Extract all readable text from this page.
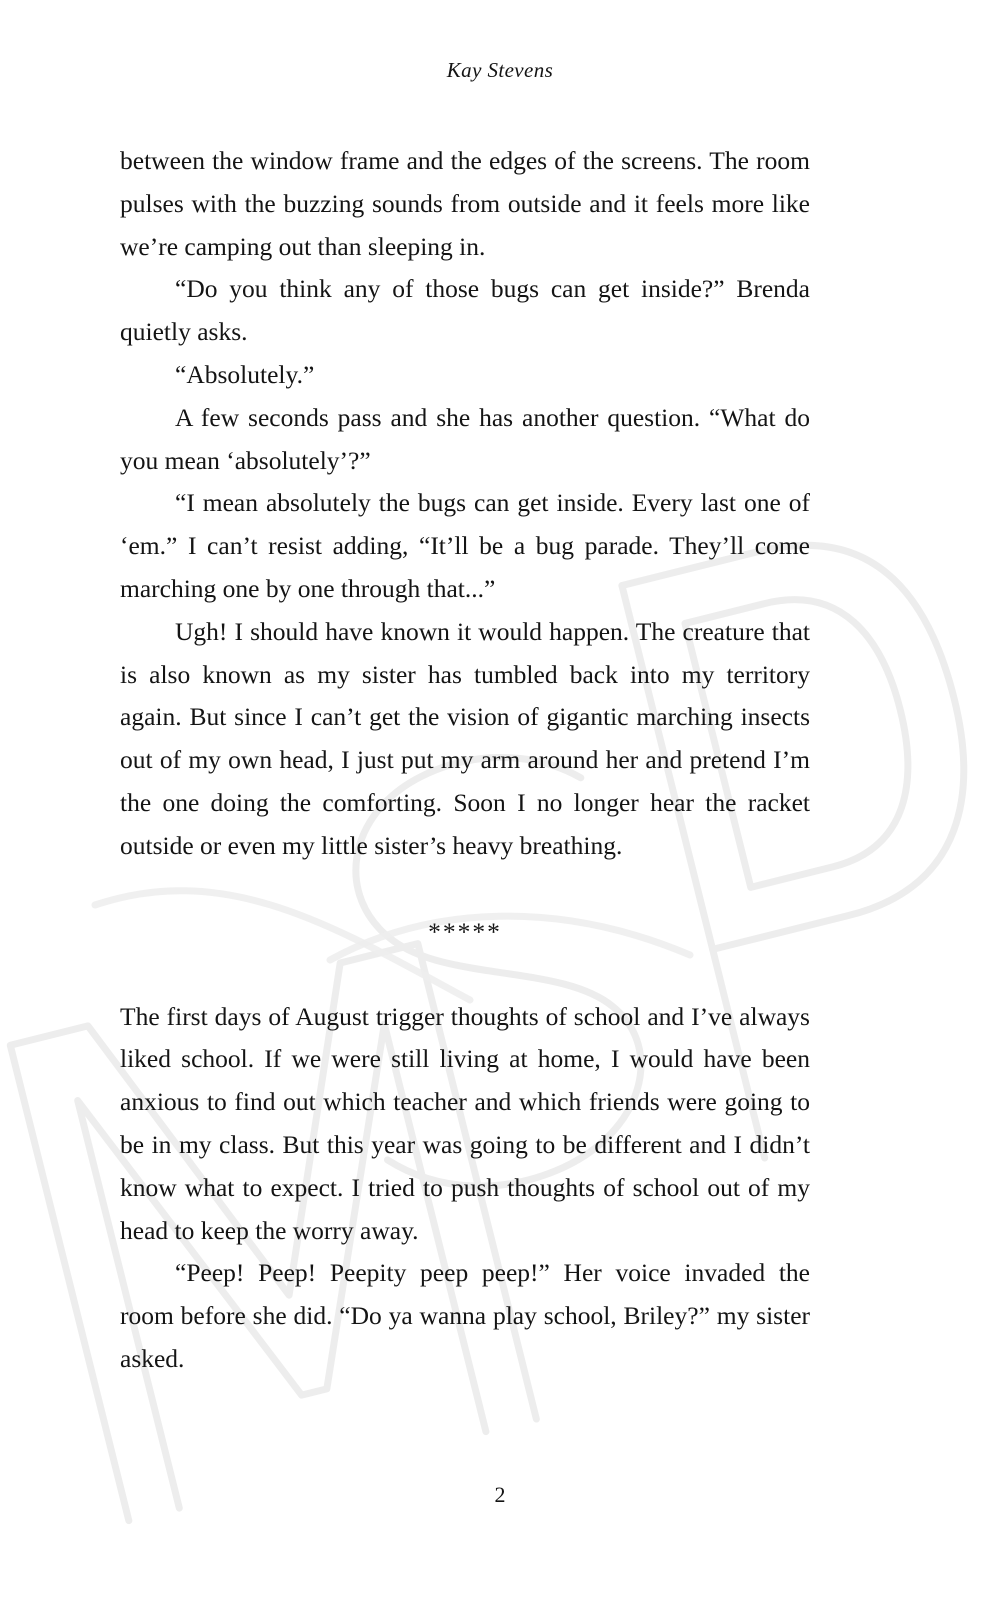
Kay Stevens

between the window frame and the edges of the screens. The room pulses with the buzzing sounds from outside and it feels more like we’re camping out than sleeping in.

“Do you think any of those bugs can get inside?” Brenda quietly asks.

“Absolutely.”

A few seconds pass and she has another question. “What do you mean ‘absolutely’?”

“I mean absolutely the bugs can get inside. Every last one of ‘em.” I can’t resist adding, “It’ll be a bug parade. They’ll come marching one by one through that...”

Ugh! I should have known it would happen. The creature that is also known as my sister has tumbled back into my territory again. But since I can’t get the vision of gigantic marching insects out of my own head, I just put my arm around her and pretend I’m the one doing the comforting. Soon I no longer hear the racket outside or even my little sister’s heavy breathing.

*****

The first days of August trigger thoughts of school and I’ve always liked school. If we were still living at home, I would have been anxious to find out which teacher and which friends were going to be in my class. But this year was going to be different and I didn’t know what to expect. I tried to push thoughts of school out of my head to keep the worry away.

“Peep! Peep! Peepity peep peep!” Her voice invaded the room before she did. “Do ya wanna play school, Briley?” my sister asked.

2
